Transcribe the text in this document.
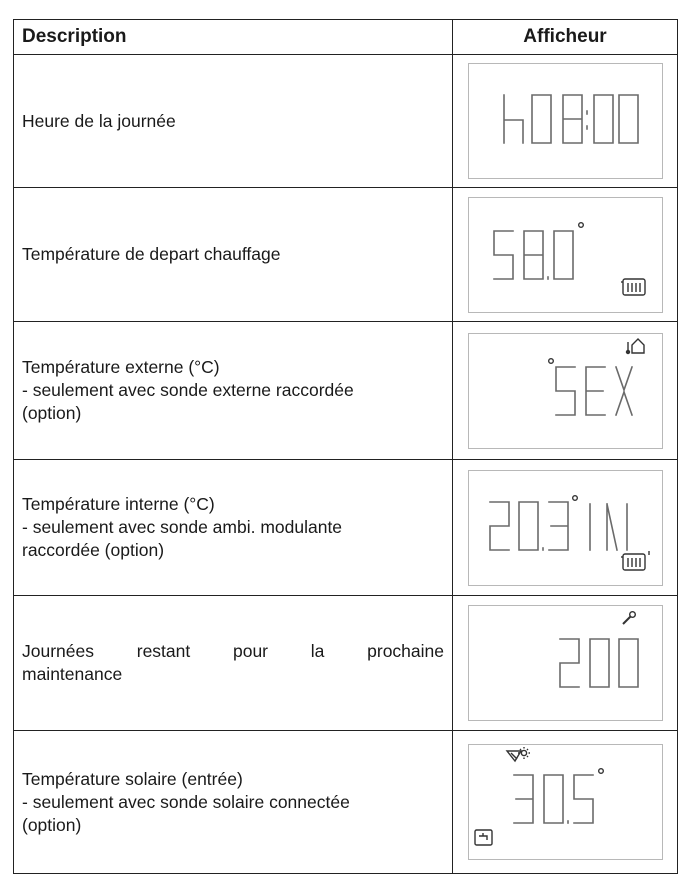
Description	Afficheur

Heure de la journée

Température de depart chauffage

Température externe (°C)
- seulement avec sonde externe raccordée
(option)

Température interne (°C)
- seulement avec sonde ambi. modulante
raccordée (option)

Journées restant pour la prochaine
maintenance

Température solaire (entrée)
- seulement avec sonde solaire connectée
(option)
